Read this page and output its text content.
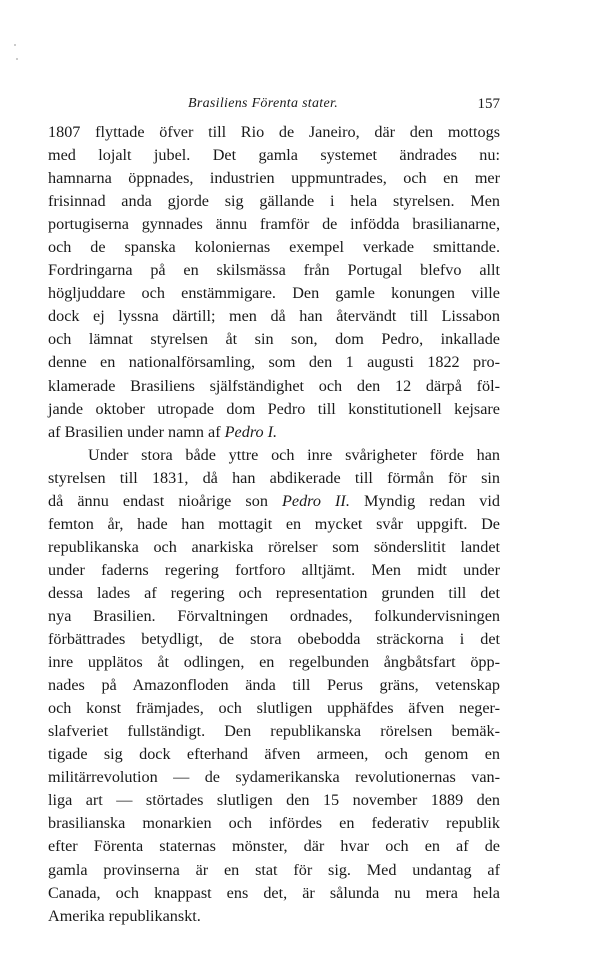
Brasiliens Förenta stater.	157
1807 flyttade öfver till Rio de Janeiro, där den mottogs
med lojalt jubel. Det gamla systemet ändrades nu:
hamnarna öppnades, industrien uppmuntrades, och en mer
frisinnad anda gjorde sig gällande i hela styrelsen. Men
portugiserna gynnades ännu framför de infödda brasilianarne,
och de spanska koloniernas exempel verkade smittande.
Fordringarna på en skilsmässa från Portugal blefvo allt
högljuddare och enstämmigare. Den gamle konungen ville
dock ej lyssna därtill; men då han återvändt till Lissabon
och lämnat styrelsen åt sin son, dom Pedro, inkallade
denne en nationalförsamling, som den 1 augusti 1822 pro-
klamerade Brasiliens själfständighet och den 12 därpå föl-
jande oktober utropade dom Pedro till konstitutionell kejsare
af Brasilien under namn af Pedro I.
Under stora både yttre och inre svårigheter förde han
styrelsen till 1831, då han abdikerade till förmån för sin
då ännu endast nioårige son Pedro II. Myndig redan vid
femton år, hade han mottagit en mycket svår uppgift. De
republikanska och anarkiska rörelser som sönderslitit landet
under faderns regering fortforo alltjämt. Men midt under
dessa lades af regering och representation grunden till det
nya Brasilien. Förvaltningen ordnades, folkundervisningen
förbättrades betydligt, de stora obebodda sträckorna i det
inre upplätos åt odlingen, en regelbunden ångbåtsfart öpp-
nades på Amazonfloden ända till Perus gräns, vetenskap
och konst främjades, och slutligen upphäfdes äfven neger-
slafveriet fullständigt. Den republikanska rörelsen bemäk-
tigade sig dock efterhand äfven armeen, och genom en
militärrevolution — de sydamerikanska revolutionernas van-
liga art — störtades slutligen den 15 november 1889 den
brasilianska monarkien och infördes en federativ republik
efter Förenta staternas mönster, där hvar och en af de
gamla provinserna är en stat för sig. Med undantag af
Canada, och knappast ens det, är sålunda nu mera hela
Amerika republikanskt.
